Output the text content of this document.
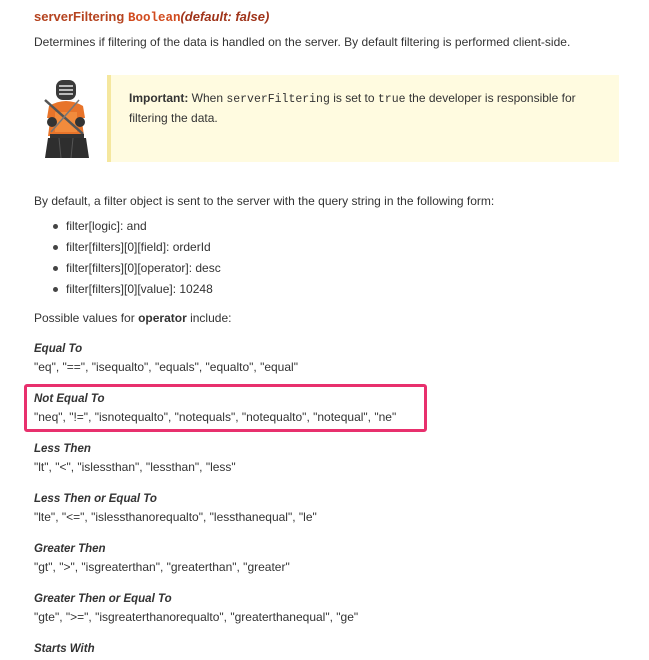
serverFiltering Boolean(default: false)
Determines if filtering of the data is handled on the server. By default filtering is performed client-side.
Important: When serverFiltering is set to true the developer is responsible for filtering the data.
By default, a filter object is sent to the server with the query string in the following form:
filter[logic]: and
filter[filters][0][field]: orderId
filter[filters][0][operator]: desc
filter[filters][0][value]: 10248
Possible values for operator include:
Equal To
"eq", "==", "isequalto", "equals", "equalto", "equal"
Not Equal To
"neq", "!=", "isnotequalto", "notequals", "notequalto", "notequal", "ne"
Less Then
"lt", "<", "islessthan", "lessthan", "less"
Less Then or Equal To
"lte", "<=", "islessthanorequalto", "lessthanequal", "le"
Greater Then
"gt", ">", "isgreaterthan", "greaterthan", "greater"
Greater Then or Equal To
"gte", ">=", "isgreaterthanorequalto", "greaterthanequal", "ge"
Starts With
